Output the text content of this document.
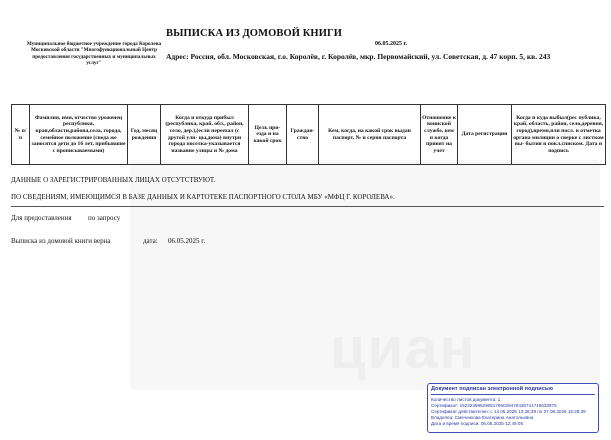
циан
ВЫПИСКА ИЗ ДОМОВОЙ КНИГИ
Муниципальное бюджетное учреждение города Королева Московской области "Многофункциональный Центр предоставления государственных и муниципальных услуг"
06.05.2025 г.
Адрес: Россия, обл. Московская, г.о. Королёв, г. Королёв, мкр. Первомайский, ул. Советская, д. 47 корп. 5, кв. 243
№ п/п	Фамилия, имя, отчество уроженец республики, края,области,района,села, города, семейное положение (сведа же заносятся дети до 16 лет, прибывшие с прописываемыми)	Год, месяц рождения	Когда и откуда прибыл (республика, край, обл., район, село, дер.),(если переехал (с другой ули- цы,дома) внутри города поселка-указывается название улицы и № дома	Цель при- езда и на какой срок	Граждан- ство	Кем, когда, на какой срок выдан паспорт, № и серия паспорта	Отношение к воинской службе, кем и когда принят на учет	Дата регистрации	Когда и куда выбыл(рес публика, край, область, район, село,деревня, город),время,или посл. и отметка органа милиции о сверке с листком вы- бытия и покл.списком. Дата и подпись
ДАННЫЕ О ЗАРЕГИСТРИРОВАННЫХ ЛИЦАХ ОТСУТСТВУЮТ.
ПО СВЕДЕНИЯМ, ИМЕЮЩИМСЯ В БАЗЕ ДАННЫХ И КАРТОТЕКЕ ПАСПОРТНОГО СТОЛА МБУ «МФЦ Г. КОРОЛЕВА».
Для предоставления по запросу
Выписка из домовой книги верна	дата: 06.05.2025 г.
Документ подписан электронной подписью
Количество листов документа: 1
Сертификат: 15242398529051786028478436741719633875
Сертификат действителен: с 14.05.2025 13:28:39 по 07.08.2026 15:28:39
Владелец: Смеченкова Екатерина Анатольевна
Дата и время подписи: 06.05.2025 12:49:05
